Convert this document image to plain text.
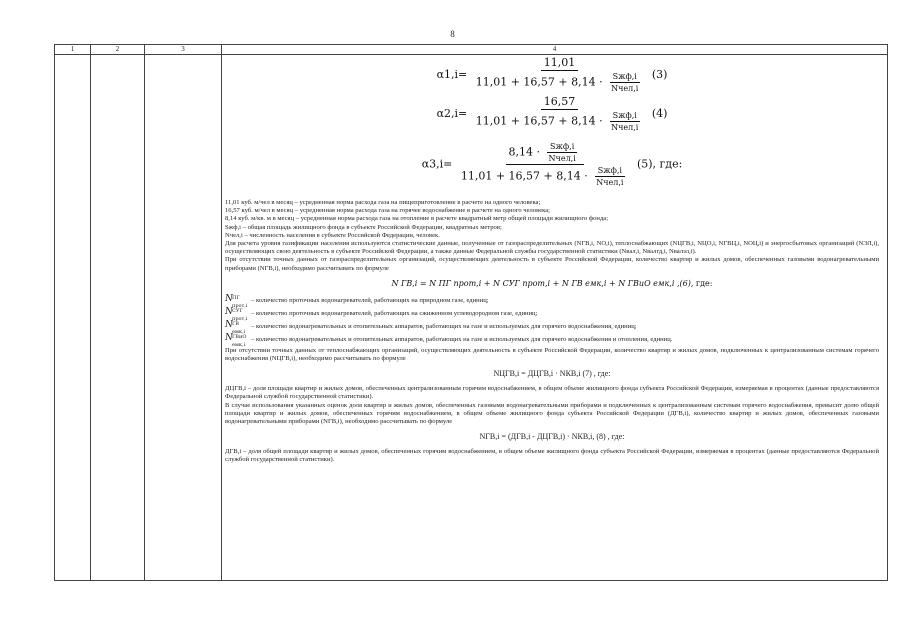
8
1	2	3	4
α1,i=
11,01
$11,01 + 16,57 + 8,14 \cdot \frac{\text{Sжф,i}}{\text{Nчел,i}} (3)$
α2,i=
16,57
$11,01 + 16,57 + 8,14 \cdot \frac{\text{Sжф,i}}{\text{Nчел,i}} (4)$
α3,i=
$8,14 \cdot \frac{\text{Sжф,i}}{\text{Nчел,i}}$
$11,01 + 16,57 + 8,14 \cdot \frac{\text{Sжф,i}}{\text{Nчел,i}}$
(5), где:

11,01 куб. м/чел в месяц – усредненная норма расхода газа на пищеприготовление в расчете на одного человека;

16,57 куб. м/чел в месяц – усредненная норма расхода газа на горячее водоснабжение в расчете на одного человека;

8,14 куб. м/кв. м в месяц – усредненная норма расхода газа на отопление в расчете квадратный метр общей площади жилищного фонда;

Sжф,i – общая площадь жилищного фонда в субъекте Российской Федерации, квадратных метров;

Nчел,i – численность населения в субъекте Российской Федерации, человек.

Для расчета уровня газификации населения используются статистические данные, полученные от газораспределительных (NГВ,i, NО,i), теплоснабжающих (NЦГВ,i, NЦО,i, NГВЦ,i, NОЦ,i) и энергосбытовых организаций (NЭЛ,i), осуществляющих свою деятельность в субъекте Российской Федерации, а также данные Федеральной службы государственной статистики (Nвал,i, Nвалгд,i, Nвалэл,i).

При отсутствии точных данных от газораспределительных организаций, осуществляющих деятельность в субъекте Российской Федерации, количество квартир и жилых домов, обеспеченных газовыми водонагревательными приборами (NГВ,i), необходимо рассчитывать по формуле

N ГВ,i = N ПГ прот,i + N СУГ прот,i + N ГВ емк,i + N ГВиО емк,i ,(6), где:
N ПГ
прот,i
– количество проточных водонагревателей, работающих на природном газе, единиц;
N СУГ
прот,i
– количество проточных водонагревателей, работающих на сжиженном углеводородном газе, единиц;
N ГВ
емк,i
– количество водонагревательных и отопительных аппаратов, работающих на газе и используемых для горячего водоснабжения, единиц;
N ГВиО
емк,i
– количество водонагревательных и отопительных аппаратов, работающих на газе и используемых для горячего водоснабжения и отопления, единиц.

При отсутствии точных данных от теплоснабжающих организаций, осуществляющих деятельность в субъекте Российской Федерации, количество квартир и жилых домов, подключенных к централизованным системам горячего водоснабжения (NЦГВ,i), необходимо рассчитывать по формуле

NЦГВ,i = ДЦГВ,i · NКВ,i (7) , где:

ДЦГВ,i – доля площади квартир и жилых домов, обеспеченных централизованным горячим водоснабжением, в общем объеме жилищного фонда субъекта Российской Федерации, измеряемая в процентах (данные предоставляются Федеральной службой государственной статистики).

В случае использования указанных оценок доля квартир и жилых домов, обеспеченных газовыми водонагревательными приборами и подключенных к централизованным системам горячего водоснабжения, превысит долю общей площади квартир и жилых домов, обеспеченных горячим водоснабжением, в общем объеме жилищного фонда субъекта Российской Федерации (ДГВ,i), количество квартир и жилых домов, обеспеченных газовыми водонагревательными приборами (NГВ,i), необходимо рассчитывать по формуле

NГВ,i = (ДГВ,i - ДЦГВ,i) · NКВ,i, (8) , где:

ДГВ,i – доля общей площади квартир и жилых домов, обеспеченных горячим водоснабжением, в общем объеме жилищного фонда субъекта Российской Федерации, измеряемая в процентах (данные предоставляются Федеральной службой государственной статистики).
